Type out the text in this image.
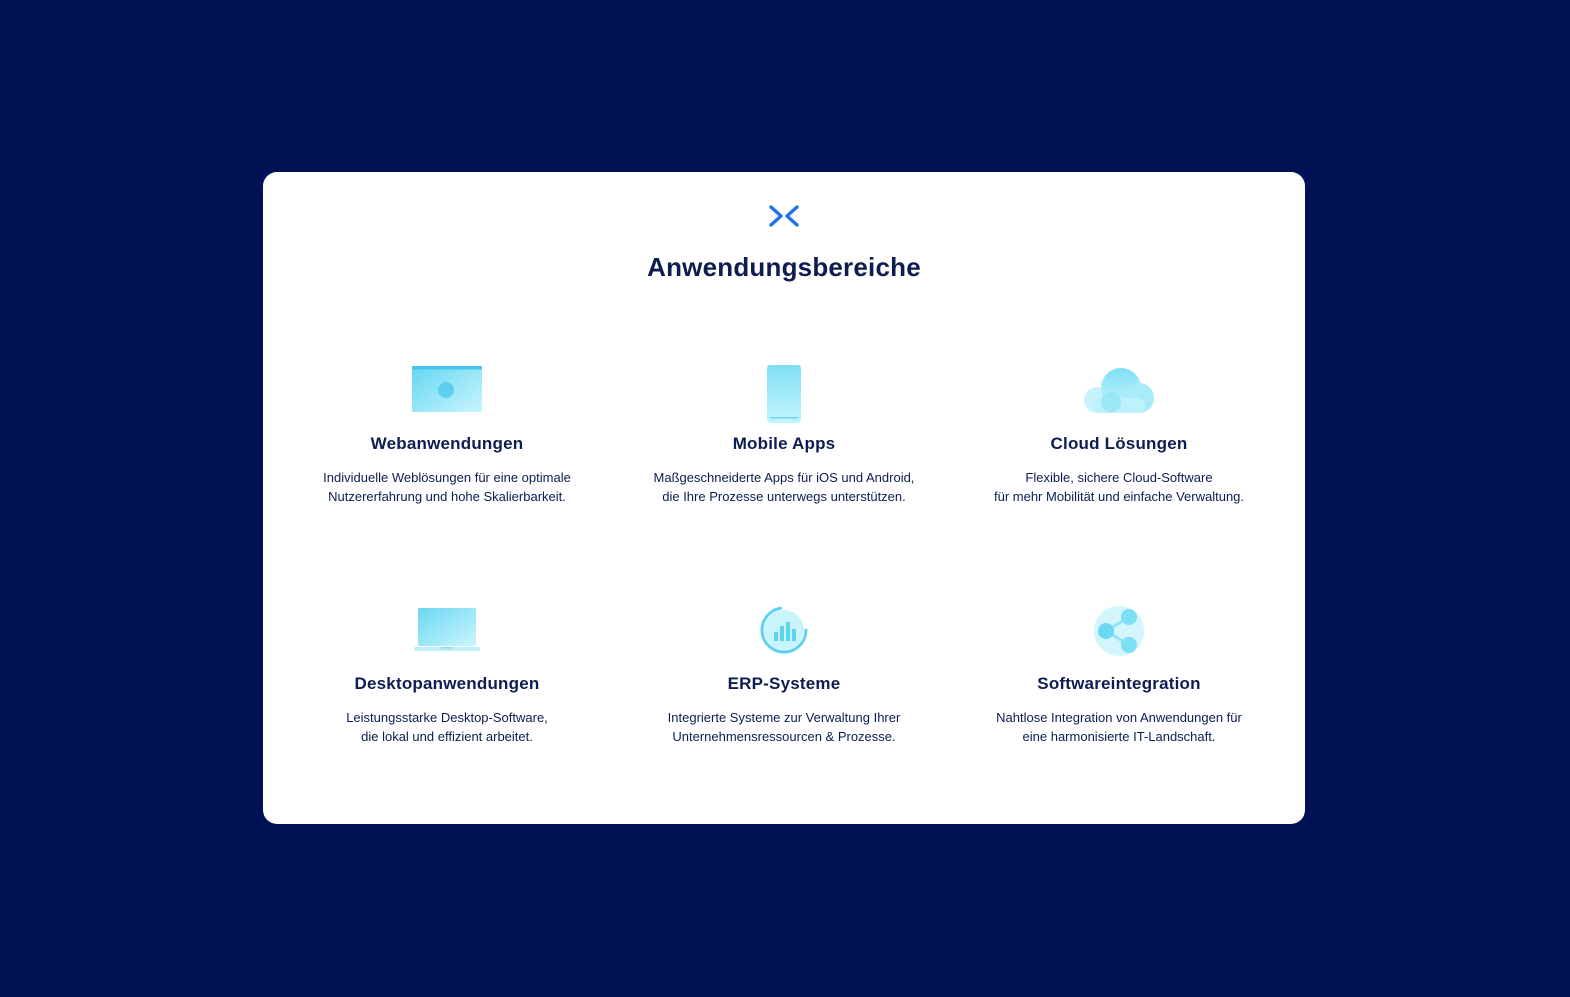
Anwendungsbereiche
Webanwendungen
Individuelle Weblösungen für eine optimale
Nutzererfahrung und hohe Skalierbarkeit.
Mobile Apps
Maßgeschneiderte Apps für iOS und Android,
die Ihre Prozesse unterwegs unterstützen.
Cloud Lösungen
Flexible, sichere Cloud-Software
für mehr Mobilität und einfache Verwaltung.
Desktopanwendungen
Leistungsstarke Desktop-Software,
die lokal und effizient arbeitet.
ERP-Systeme
Integrierte Systeme zur Verwaltung Ihrer
Unternehmensressourcen & Prozesse.
Softwareintegration
Nahtlose Integration von Anwendungen für
eine harmonisierte IT-Landschaft.
